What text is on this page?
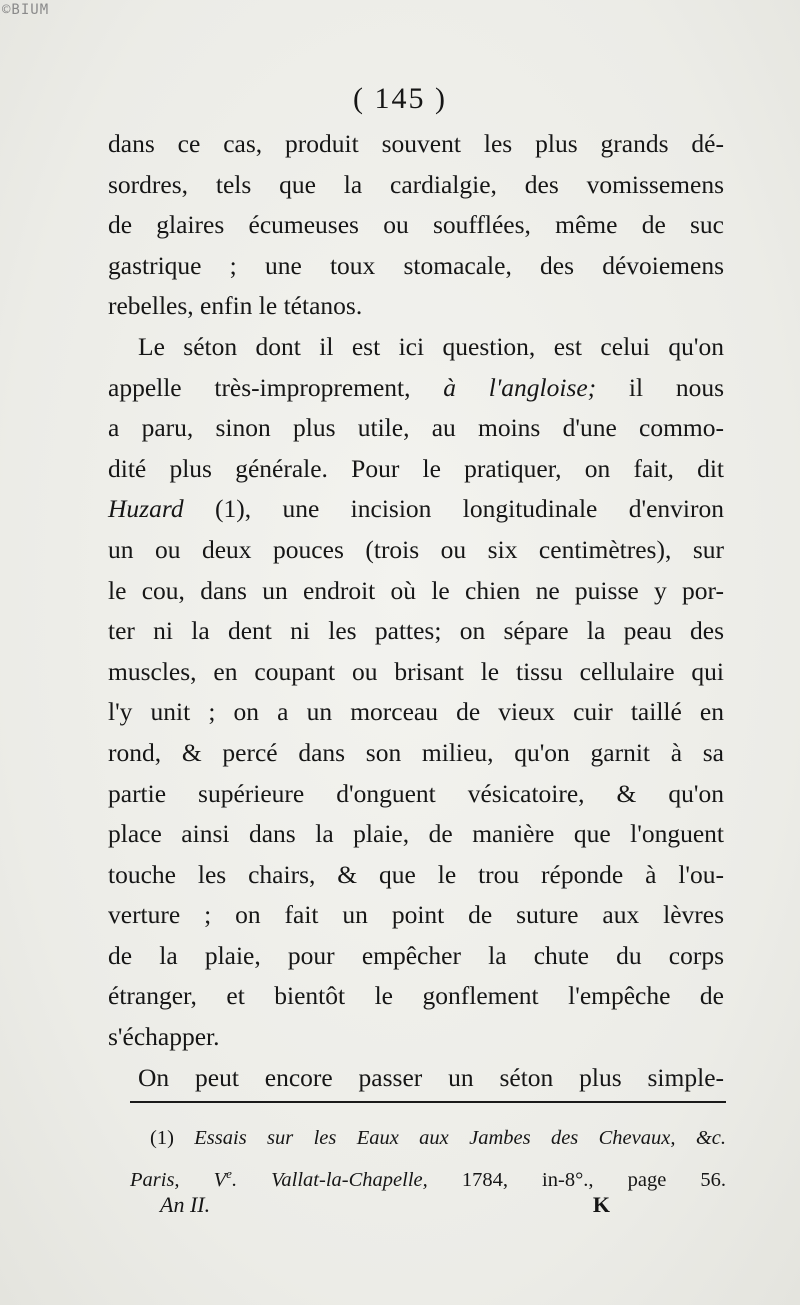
©BIUM
( 145 )
dans ce cas, produit souvent les plus grands dé-
sordres, tels que la cardialgie, des vomissemens
de glaires écumeuses ou soufflées, même de suc
gastrique ; une toux stomacale, des dévoiemens
rebelles, enfin le tétanos.
Le séton dont il est ici question, est celui qu'on
appelle très-improprement, à l'angloise; il nous
a paru, sinon plus utile, au moins d'une commo-
dité plus générale. Pour le pratiquer, on fait, dit
Huzard (1), une incision longitudinale d'environ
un ou deux pouces (trois ou six centimètres), sur
le cou, dans un endroit où le chien ne puisse y por-
ter ni la dent ni les pattes; on sépare la peau des
muscles, en coupant ou brisant le tissu cellulaire qui
l'y unit ; on a un morceau de vieux cuir taillé en
rond, & percé dans son milieu, qu'on garnit à sa
partie supérieure d'onguent vésicatoire, & qu'on
place ainsi dans la plaie, de manière que l'onguent
touche les chairs, & que le trou réponde à l'ou-
verture ; on fait un point de suture aux lèvres
de la plaie, pour empêcher la chute du corps
étranger, et bientôt le gonflement l'empêche de
s'échapper.
On peut encore passer un séton plus simple-
(1) Essais sur les Eaux aux Jambes des Chevaux, &c.
Paris, Ve. Vallat-la-Chapelle, 1784, in-8°., page 56.
An II.	K
